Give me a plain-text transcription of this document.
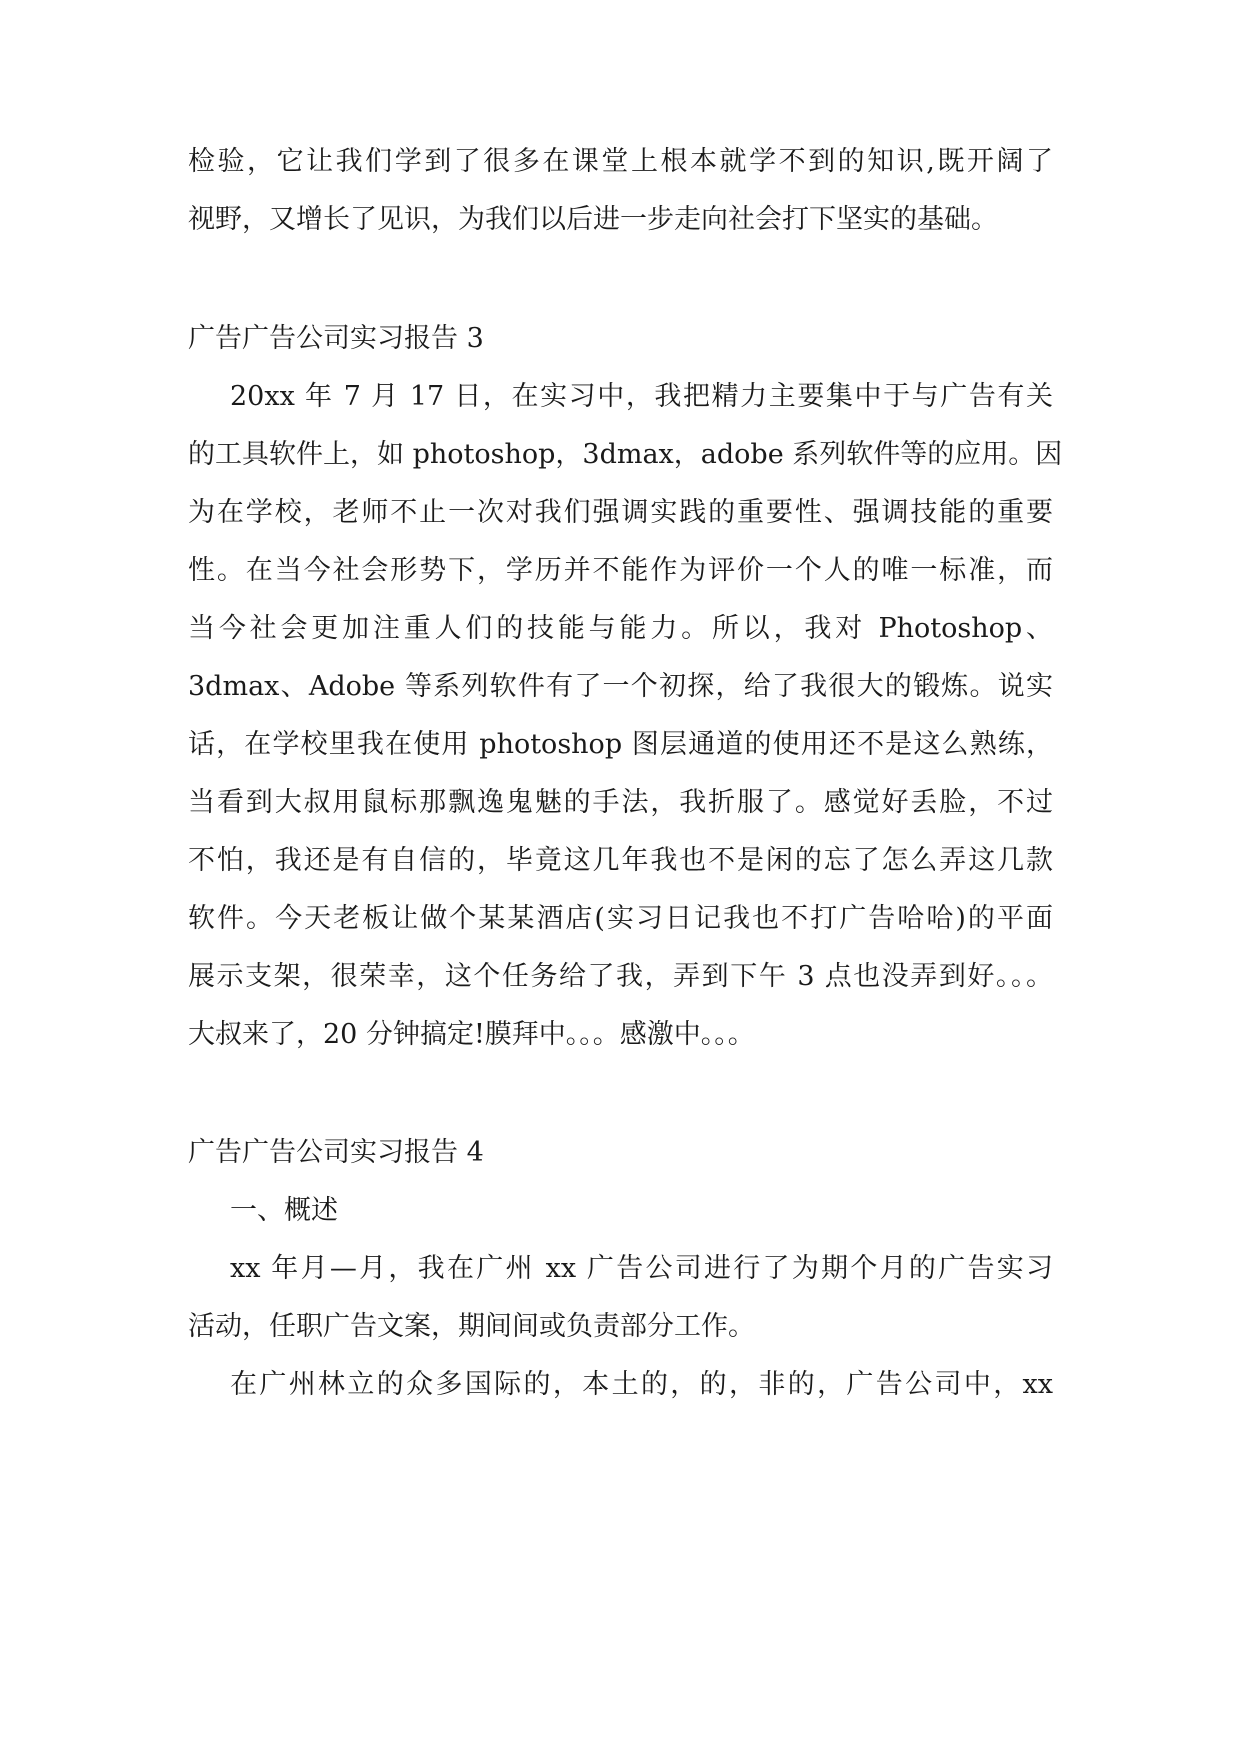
检验，它让我们学到了很多在课堂上根本就学不到的知识,既开阔了
视野，又增长了见识，为我们以后进一步走向社会打下坚实的基础。
广告广告公司实习报告 3
20xx 年 7 月 17 日，在实习中，我把精力主要集中于与广告有关
的工具软件上，如 photoshop，3dmax，adobe 系列软件等的应用。因
为在学校，老师不止一次对我们强调实践的重要性、强调技能的重要
性。在当今社会形势下，学历并不能作为评价一个人的唯一标准，而
当今社会更加注重人们的技能与能力。所以，我对 Photoshop、
3dmax、Adobe 等系列软件有了一个初探，给了我很大的锻炼。说实
话，在学校里我在使用 photoshop 图层通道的使用还不是这么熟练，
当看到大叔用鼠标那飘逸鬼魅的手法，我折服了。感觉好丢脸，不过
不怕，我还是有自信的，毕竟这几年我也不是闲的忘了怎么弄这几款
软件。今天老板让做个某某酒店(实习日记我也不打广告哈哈)的平面
展示支架，很荣幸，这个任务给了我，弄到下午 3 点也没弄到好。。。
大叔来了，20 分钟搞定!膜拜中。。。感激中。。。
广告广告公司实习报告 4
一、概述
xx 年月—月，我在广州 xx 广告公司进行了为期个月的广告实习
活动，任职广告文案，期间间或负责部分工作。
在广州林立的众多国际的，本土的，的，非的，广告公司中，xx
